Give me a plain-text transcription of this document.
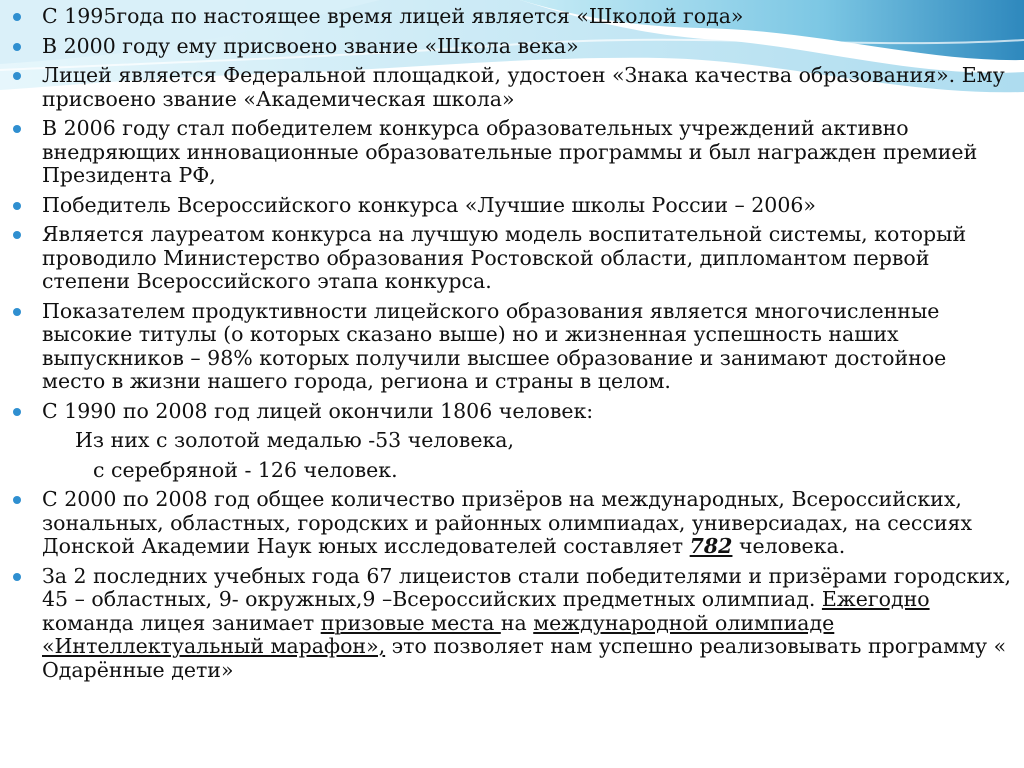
С 1995года по настоящее время лицей является «Школой года»
В 2000 году ему присвоено звание «Школа века»
Лицей является Федеральной площадкой, удостоен «Знака качества образования». Ему присвоено звание «Академическая школа»
В 2006 году стал победителем конкурса образовательных учреждений активно внедряющих инновационные образовательные программы и был награжден премией Президента РФ,
Победитель Всероссийского конкурса «Лучшие школы России – 2006»
Является лауреатом конкурса на лучшую модель воспитательной системы, который проводило Министерство образования Ростовской области, дипломантом первой степени Всероссийского этапа конкурса.
Показателем продуктивности лицейского образования является многочисленные высокие титулы (о которых сказано выше) но и жизненная успешность наших выпускников – 98% которых получили высшее образование и занимают достойное место в жизни нашего города, региона и страны в целом.
С 1990 по 2008 год лицей окончили 1806 человек:
Из них с золотой медалью -53 человека,
с серебряной - 126 человек.
С 2000 по 2008 год общее количество призёров на международных, Всероссийских, зональных, областных, городских и районных олимпиадах, универсиадах, на сессиях Донской Академии Наук юных исследователей составляет 782 человека.
За 2 последних учебных года 67 лицеистов стали победителями и призёрами городских, 45 – областных, 9- окружных,9 –Всероссийских предметных олимпиад. Ежегодно команда лицея занимает призовые места на международной олимпиаде «Интеллектуальный марафон», это позволяет нам успешно реализовывать программу « Одарённые дети»
